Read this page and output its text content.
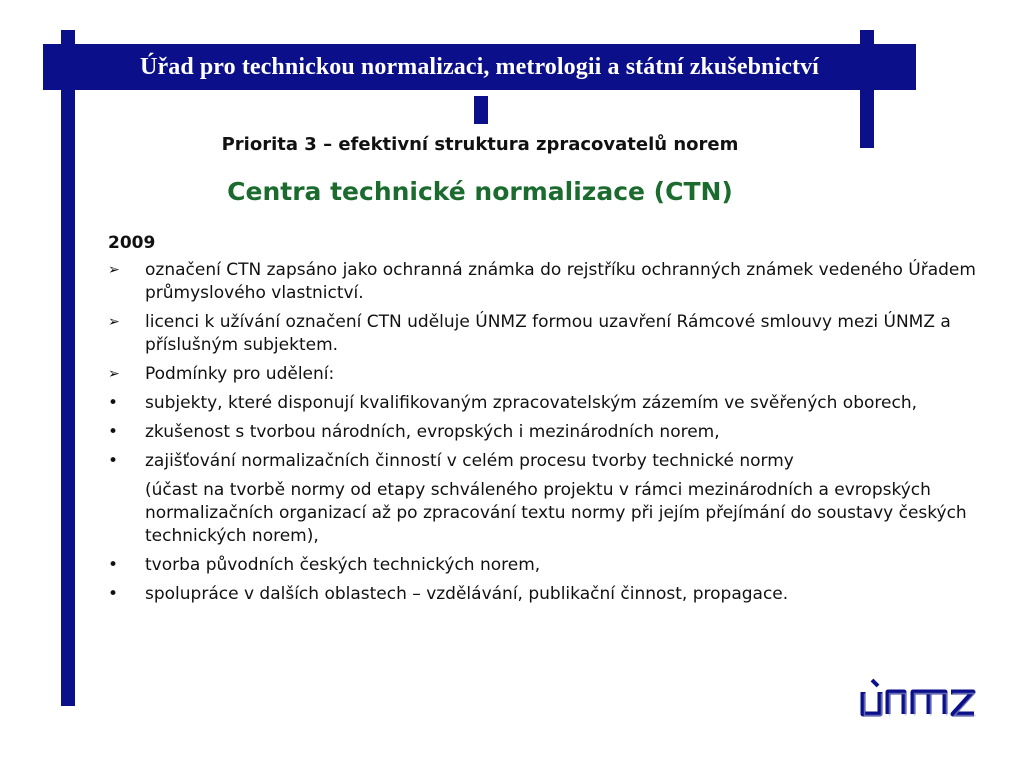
Úřad pro technickou normalizaci, metrologii a státní zkušebnictví
Priorita 3 – efektivní struktura zpracovatelů norem
Centra technické normalizace (CTN)
2009
➢	označení CTN zapsáno jako ochranná známka do rejstříku ochranných známek vedeného Úřadem průmyslového vlastnictví.
➢	licenci k užívání označení CTN uděluje ÚNMZ formou uzavření Rámcové smlouvy mezi ÚNMZ a příslušným subjektem.
➢	Podmínky pro udělení:
•	subjekty, které disponují kvalifikovaným zpracovatelským zázemím ve svěřených oborech,
•	zkušenost s tvorbou národních, evropských i mezinárodních norem,
•	zajišťování normalizačních činností v celém procesu tvorby technické normy
(účast na tvorbě normy od etapy schváleného projektu v rámci mezinárodních a evropských normalizačních organizací až po zpracování textu normy při jejím přejímání do soustavy českých technických norem),
•	tvorba původních českých technických norem,
•	spolupráce v dalších oblastech – vzdělávání, publikační činnost, propagace.
